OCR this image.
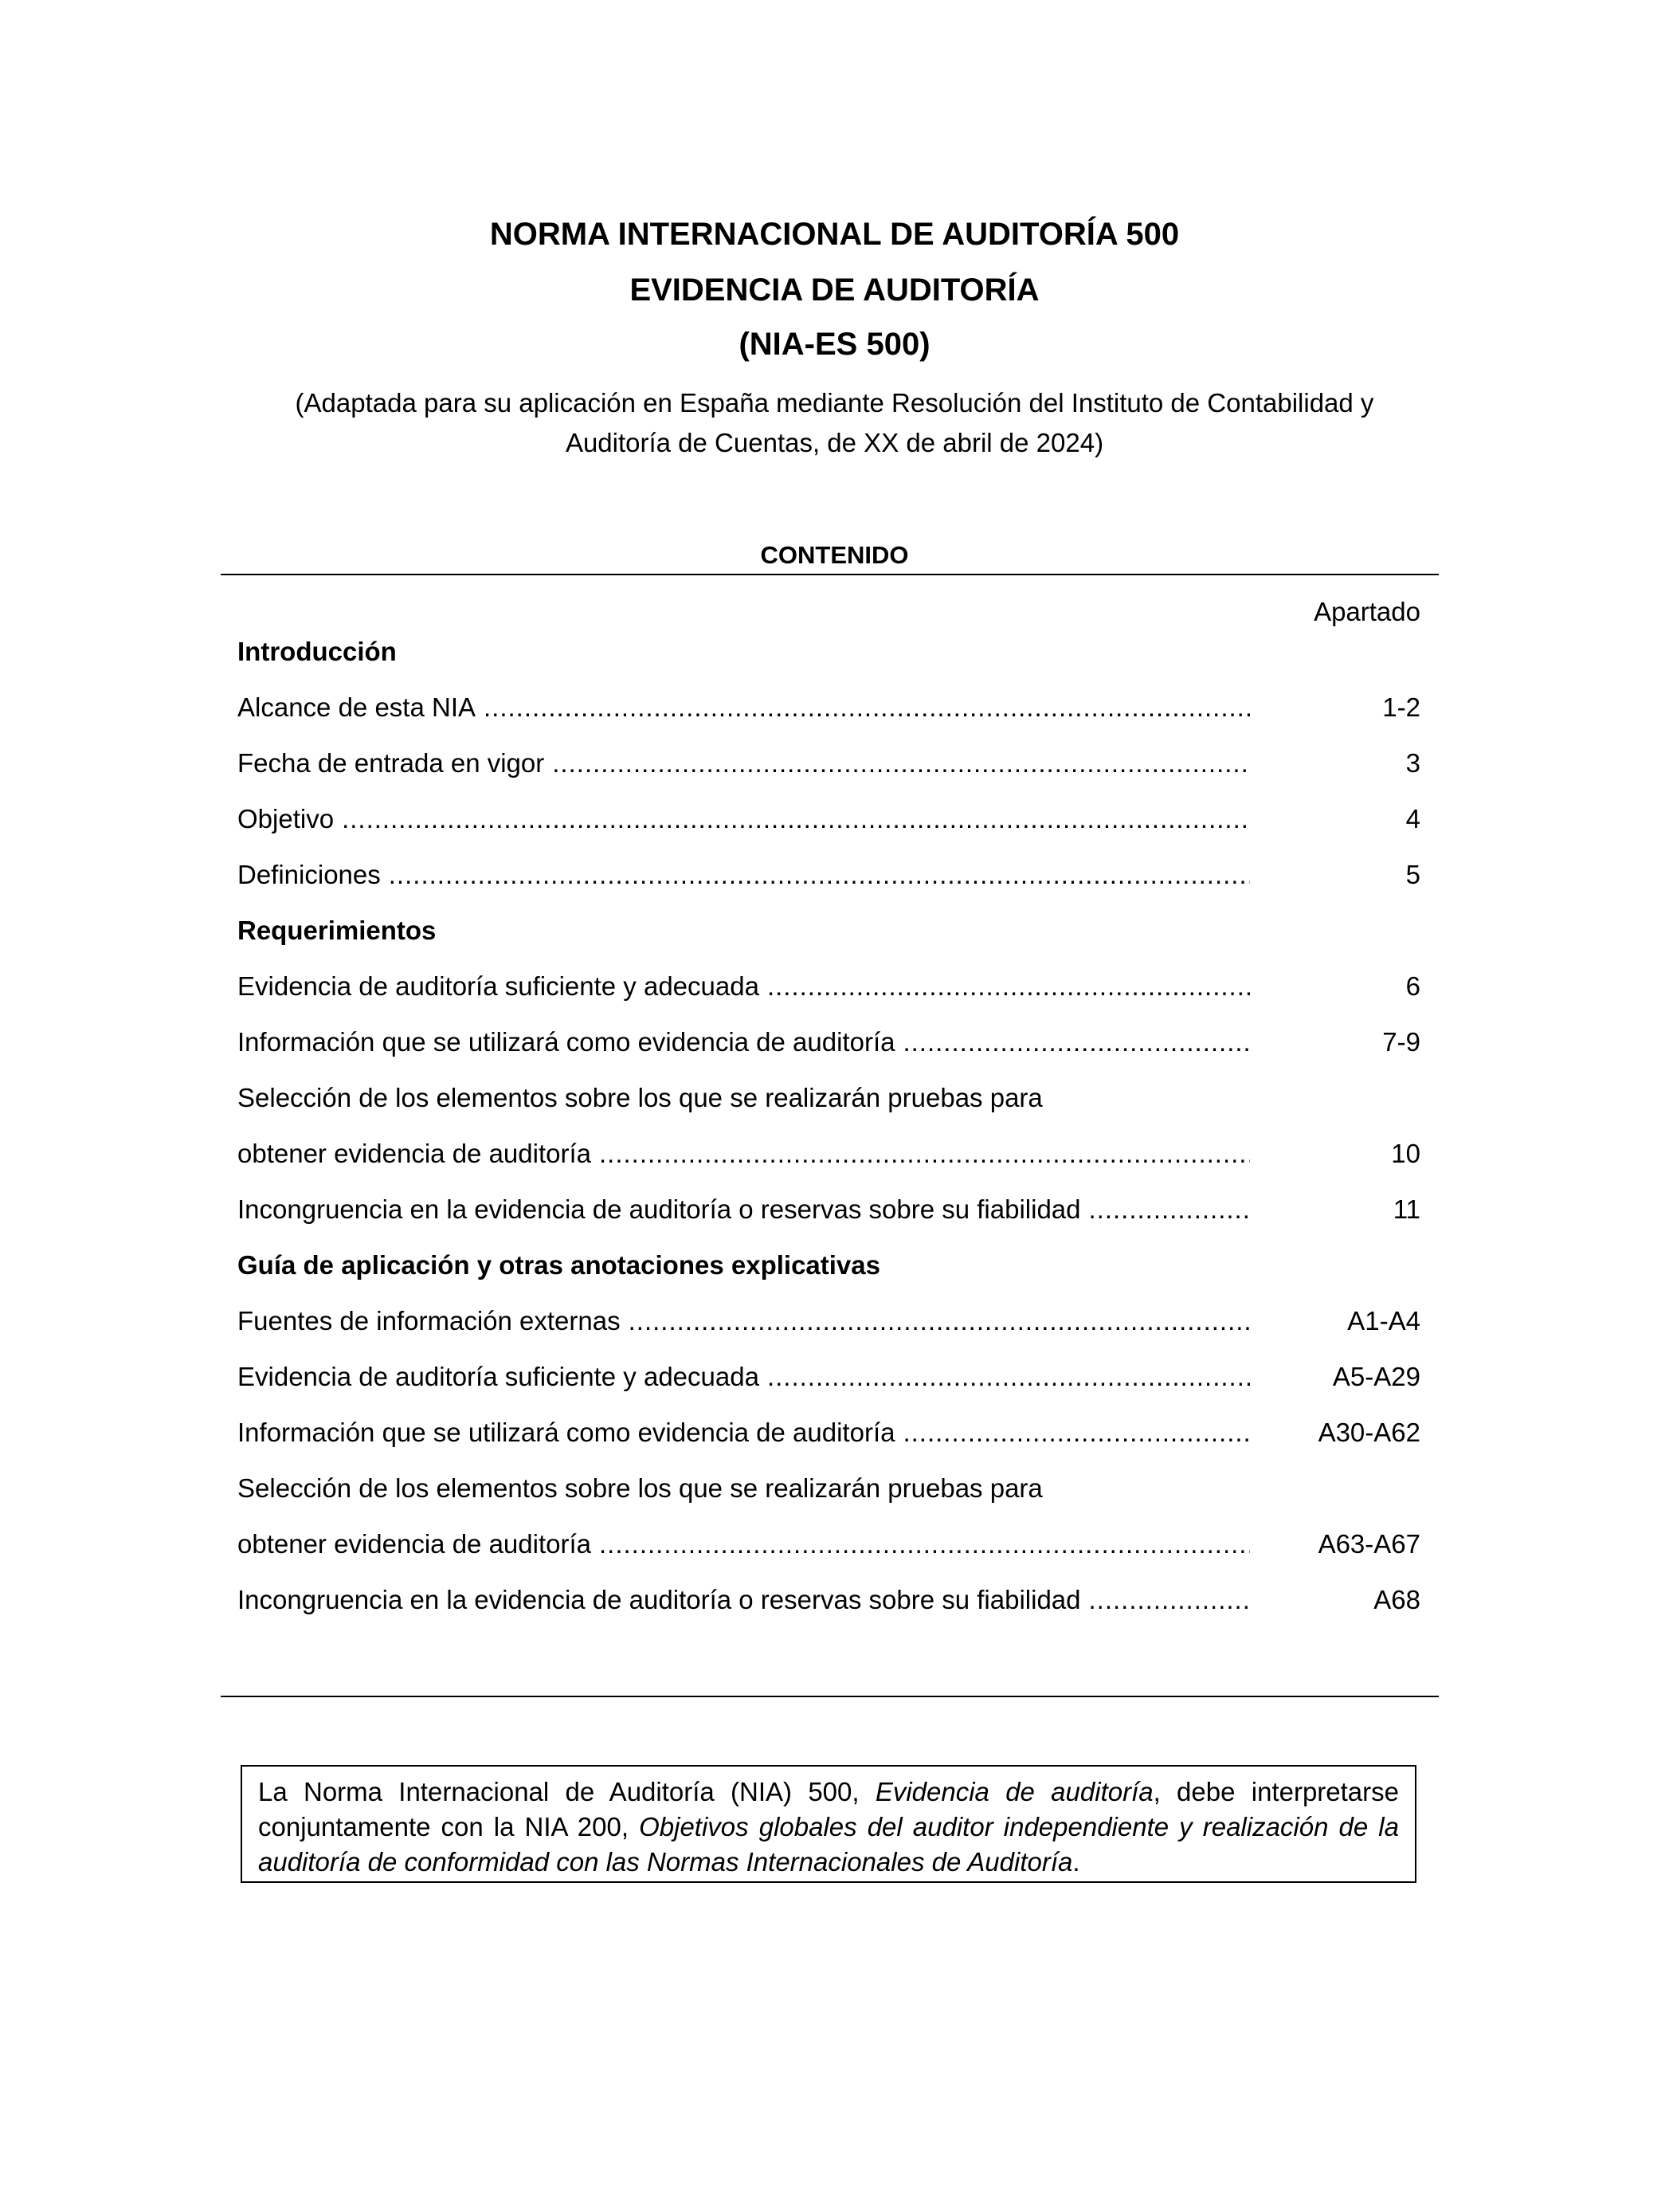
NORMA INTERNACIONAL DE AUDITORÍA 500
EVIDENCIA DE AUDITORÍA
(NIA-ES 500)
(Adaptada para su aplicación en España mediante Resolución del Instituto de Contabilidad y
Auditoría de Cuentas, de XX de abril de 2024)
CONTENIDO
Apartado
Introducción
Alcance de esta NIA .....	1-2
Fecha de entrada en vigor .....	3
Objetivo .....	4
Definiciones .....	5
Requerimientos
Evidencia de auditoría suficiente y adecuada .....	6
Información que se utilizará como evidencia de auditoría .....	7-9
Selección de los elementos sobre los que se realizarán pruebas para
obtener evidencia de auditoría .....	10
Incongruencia en la evidencia de auditoría o reservas sobre su fiabilidad .....	11
Guía de aplicación y otras anotaciones explicativas
Fuentes de información externas .....	A1-A4
Evidencia de auditoría suficiente y adecuada .....	A5-A29
Información que se utilizará como evidencia de auditoría .....	A30-A62
Selección de los elementos sobre los que se realizarán pruebas para
obtener evidencia de auditoría .....	A63-A67
Incongruencia en la evidencia de auditoría o reservas sobre su fiabilidad .....	A68
La Norma Internacional de Auditoría (NIA) 500, Evidencia de auditoría, debe interpretarse conjuntamente con la NIA 200, Objetivos globales del auditor independiente y realización de la auditoría de conformidad con las Normas Internacionales de Auditoría.
